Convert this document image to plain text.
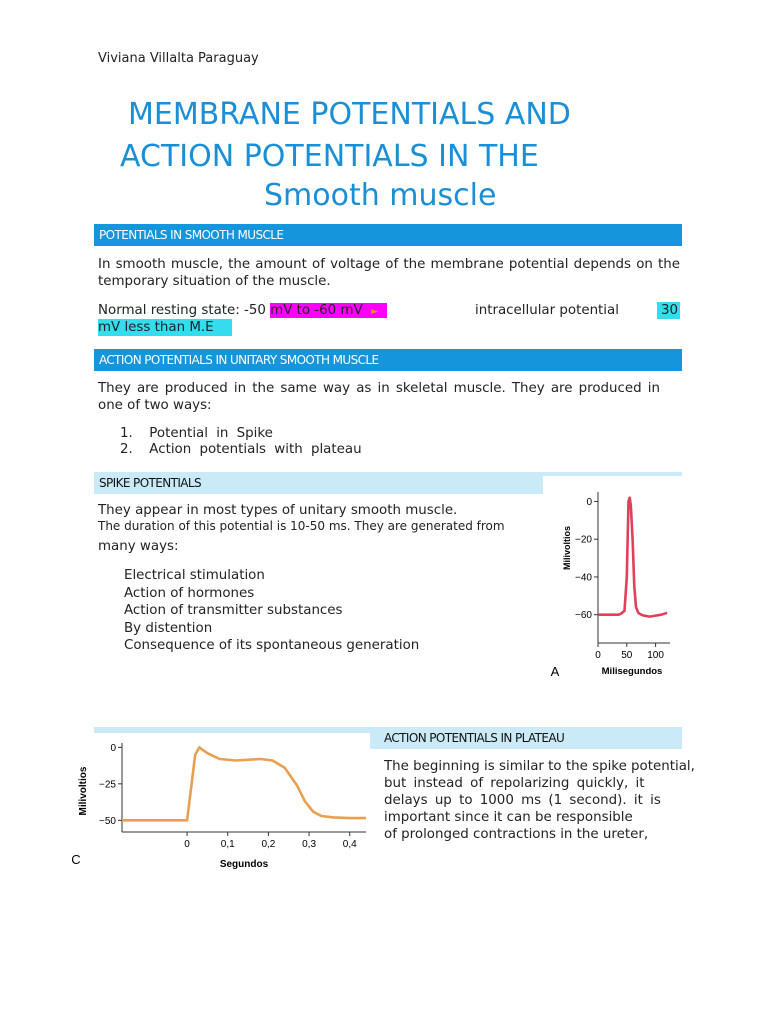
Viviana Villalta Paraguay
MEMBRANE POTENTIALS AND
ACTION POTENTIALS IN THE
Smooth muscle
POTENTIALS IN SMOOTH MUSCLE
In smooth muscle, the amount of voltage of the membrane potential depends on the temporary situation of the muscle.
Normal resting state: -50 mV to -60 mV ►	intracellular potential	30
mV less than M.E
ACTION POTENTIALS IN UNITARY SMOOTH MUSCLE
They are produced in the same way as in skeletal muscle. They are produced in one of two ways:
1.  Potential in Spike
2.  Action potentials with plateau
SPIKE POTENTIALS
They appear in most types of unitary smooth muscle.
The duration of this potential is 10-50 ms. They are generated from
many ways:
Electrical stimulation
Action of hormones
Action of transmitter substances
By distention
Consequence of its spontaneous generation
0
−20
−40
−60
0 50 100
Milivoltios
Milisegundos
A
ACTION POTENTIALS IN PLATEAU
The beginning is similar to the spike potential,
but instead of repolarizing quickly, it
delays up to 1000 ms (1 second). it is
important since it can be responsible
of prolonged contractions in the ureter,
0
−25
−50
0	0,1	0,2	0,3	0,4
Milivoltios
Segundos
C
